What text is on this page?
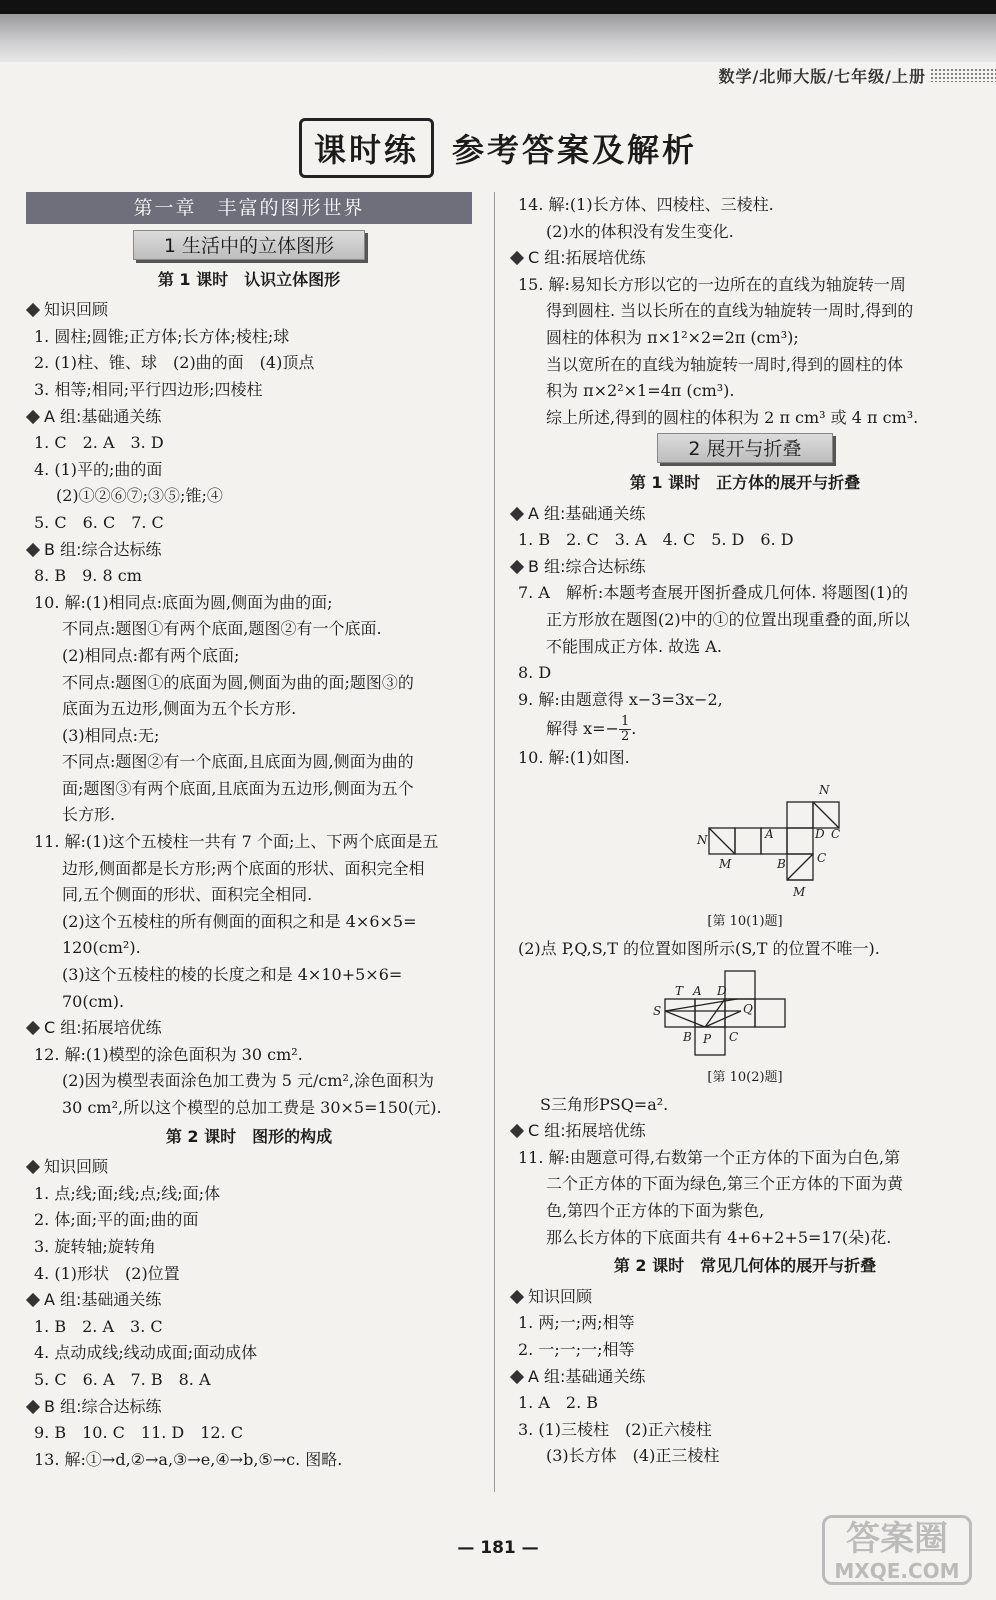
数学/北师大版/七年级/上册
课时练 参考答案及解析
第一章　丰富的图形世界
1 生活中的立体图形
第 1 课时　认识立体图形
知识回顾
1. 圆柱;圆锥;正方体;长方体;棱柱;球
2. (1)柱、锥、球　(2)曲的面　(4)顶点
3. 相等;相同;平行四边形;四棱柱
A 组:基础通关练
1. C　2. A　3. D
4. (1)平的;曲的面
(2)①②⑥⑦;③⑤;锥;④
5. C　6. C　7. C
B 组:综合达标练
8. B　9. 8 cm
10. 解:(1)相同点:底面为圆,侧面为曲的面;
不同点:题图①有两个底面,题图②有一个底面.
(2)相同点:都有两个底面;
不同点:题图①的底面为圆,侧面为曲的面;题图③的
底面为五边形,侧面为五个长方形.
(3)相同点:无;
不同点:题图②有一个底面,且底面为圆,侧面为曲的
面;题图③有两个底面,且底面为五边形,侧面为五个
长方形.
11. 解:(1)这个五棱柱一共有 7 个面;上、下两个底面是五
边形,侧面都是长方形;两个底面的形状、面积完全相
同,五个侧面的形状、面积完全相同.
(2)这个五棱柱的所有侧面的面积之和是 4×6×5=
120(cm²).
(3)这个五棱柱的棱的长度之和是 4×10+5×6=
70(cm).
C 组:拓展培优练
12. 解:(1)模型的涂色面积为 30 cm².
(2)因为模型表面涂色加工费为 5 元/cm²,涂色面积为
30 cm²,所以这个模型的总加工费是 30×5=150(元).
第 2 课时　图形的构成
知识回顾
1. 点;线;面;线;点;线;面;体
2. 体;面;平的面;曲的面
3. 旋转轴;旋转角
4. (1)形状　(2)位置
A 组:基础通关练
1. B　2. A　3. C
4. 点动成线;线动成面;面动成体
5. C　6. A　7. B　8. A
B 组:综合达标练
9. B　10. C　11. D　12. C
13. 解:①→d,②→a,③→e,④→b,⑤→c. 图略.
14. 解:(1)长方体、四棱柱、三棱柱.
(2)水的体积没有发生变化.
C 组:拓展培优练
15. 解:易知长方形以它的一边所在的直线为轴旋转一周
得到圆柱. 当以长所在的直线为轴旋转一周时,得到的
圆柱的体积为 π×1²×2=2π (cm³);
当以宽所在的直线为轴旋转一周时,得到的圆柱的体
积为 π×2²×1=4π (cm³).
综上所述,得到的圆柱的体积为 2 π cm³ 或 4 π cm³.
2 展开与折叠
第 1 课时　正方体的展开与折叠
A 组:基础通关练
1. B　2. C　3. A　4. C　5. D　6. D
B 组:综合达标练
7. A　解析:本题考查展开图折叠成几何体. 将题图(1)的
正方形放在题图(2)中的①的位置出现重叠的面,所以
不能围成正方体. 故选 A.
8. D
9. 解:由题意得 x−3=3x−2,
解得 $x=- \frac{1}{2}$ .
10. 解:(1)如图.
N
A	D C
N
M	B	C
M
[第 10(1)题]
(2)点 P,Q,S,T 的位置如图所示(S,T 的位置不唯一).
T A D
S	Q
B P C
[第 10(2)题]
S三角形PSQ=a².
C 组:拓展培优练
11. 解:由题意可得,右数第一个正方体的下面为白色,第
二个正方体的下面为绿色,第三个正方体的下面为黄
色,第四个正方体的下面为紫色,
那么长方体的下底面共有 4+6+2+5=17(朵)花.
第 2 课时　常见几何体的展开与折叠
知识回顾
1. 两;一;两;相等
2. 一;一;一;相等
A 组:基础通关练
1. A　2. B
3. (1)三棱柱　(2)正六棱柱
(3)长方体　(4)正三棱柱
— 181 —	答案圈
MXQE.COM
